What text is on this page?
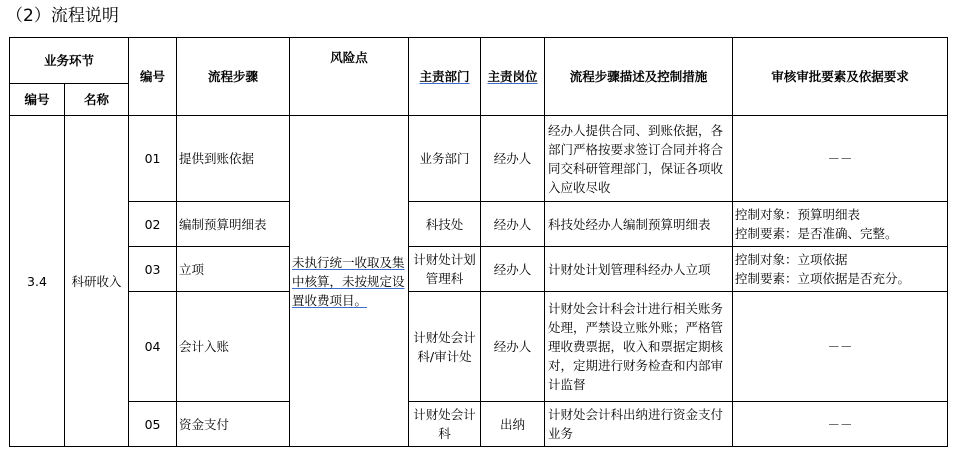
（2）流程说明
业务环节		编号	流程步骤	风险点	主责部门	主责岗位	流程步骤描述及控制措施	审核审批要素及依据要求
编号	名称							
3.4	科研收入	01	提供到账依据	未执行统一收取及集中核算，未按规定设置收费项目。	业务部门	经办人	经办人提供合同、到账依据，各部门严格按要求签订合同并将合同交科研管理部门，保证各项收入应收尽收	－－
		02	编制预算明细表		科技处	经办人	科技处经办人编制预算明细表	控制对象：预算明细表
控制要素：是否准确、完整。
		03	立项		计财处计划管理科	经办人	计财处计划管理科经办人立项	控制对象：立项依据
控制要素：立项依据是否充分。
		04	会计入账		计财处会计科/审计处	经办人	计财处会计科会计进行相关账务处理，严禁设立账外账；严格管理收费票据，收入和票据定期核对，定期进行财务检查和内部审计监督	－－
		05	资金支付		计财处会计科	出纳	计财处会计科出纳进行资金支付业务	－－
